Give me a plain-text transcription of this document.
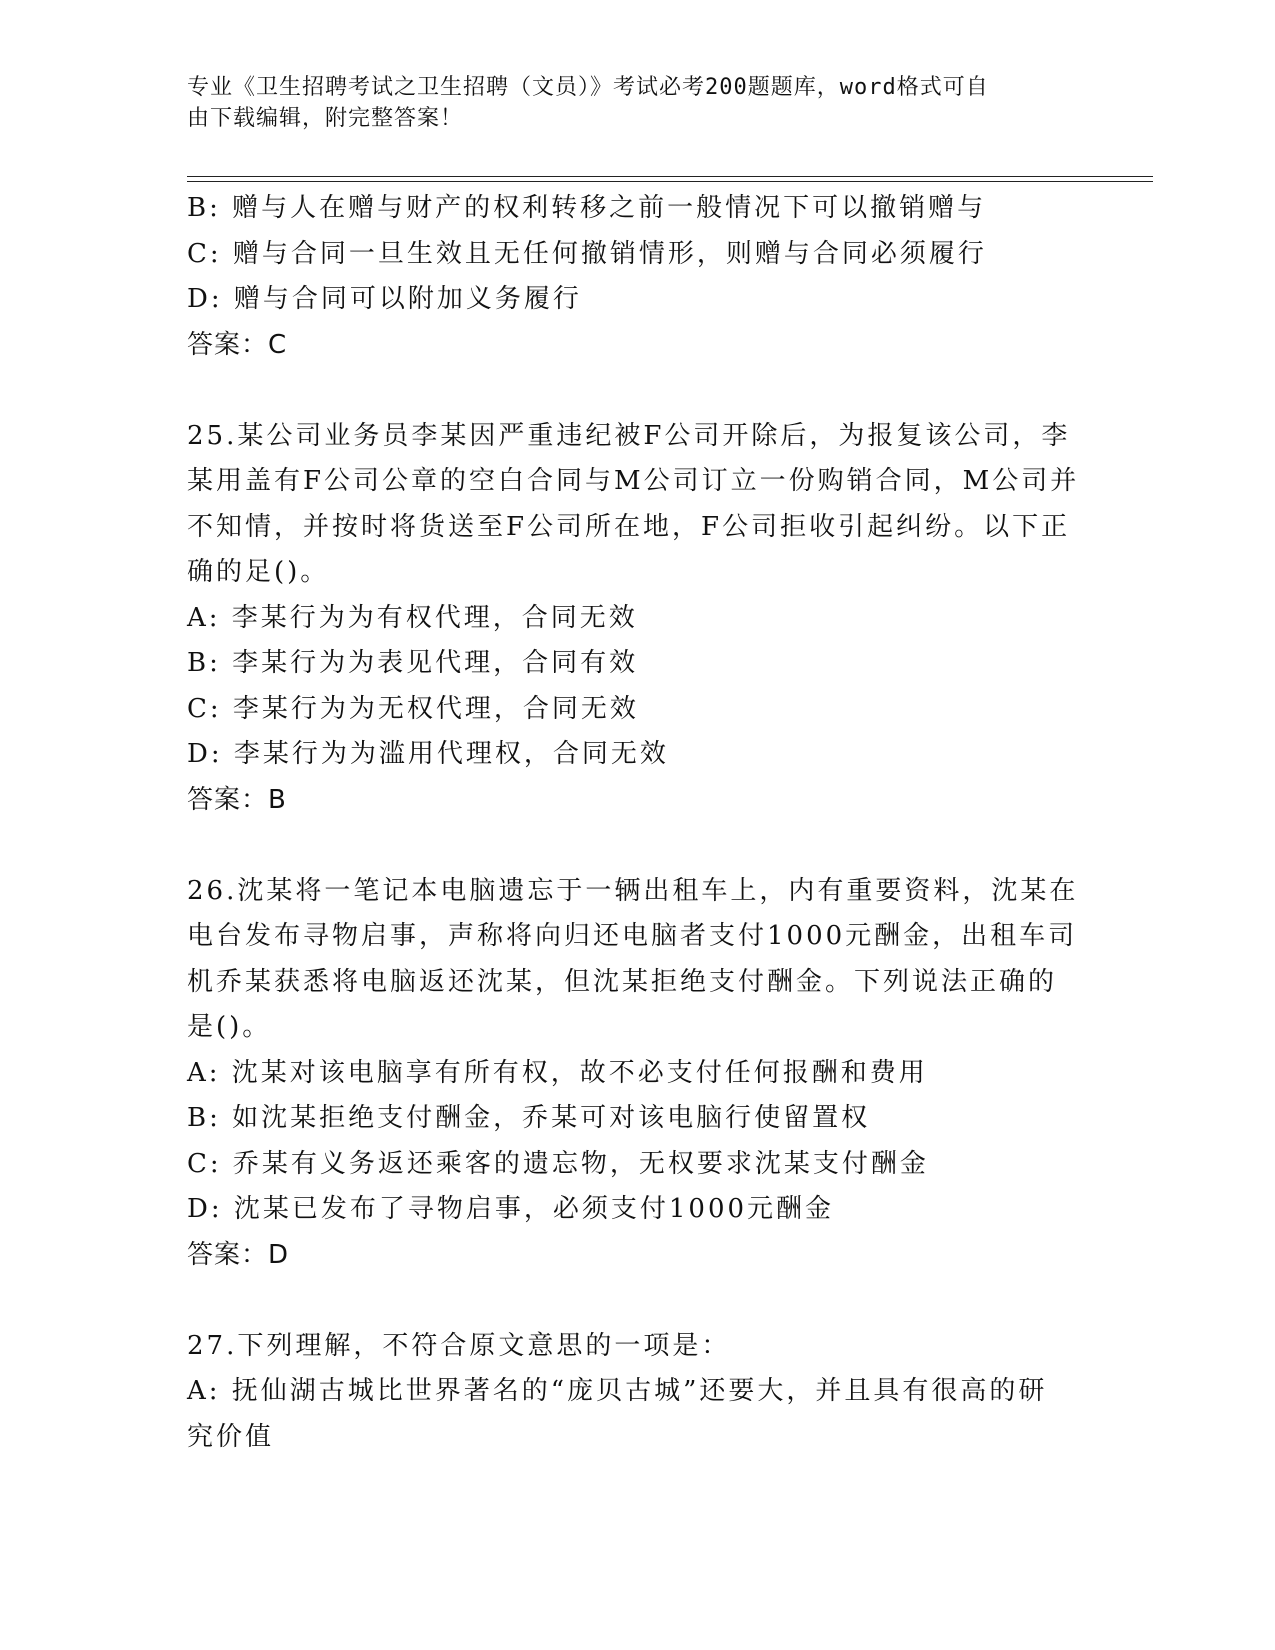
专业《卫生招聘考试之卫生招聘（文员）》考试必考200题题库，word格式可自
由下载编辑，附完整答案！
B: 赠与人在赠与财产的权利转移之前一般情况下可以撤销赠与
C: 赠与合同一旦生效且无任何撤销情形，则赠与合同必须履行
D: 赠与合同可以附加义务履行
答案：C
25.某公司业务员李某因严重违纪被F公司开除后，为报复该公司，李
某用盖有F公司公章的空白合同与M公司订立一份购销合同，M公司并
不知情，并按时将货送至F公司所在地，F公司拒收引起纠纷。以下正
确的足()。
A: 李某行为为有权代理，合同无效
B: 李某行为为表见代理，合同有效
C: 李某行为为无权代理，合同无效
D: 李某行为为滥用代理权，合同无效
答案：B
26.沈某将一笔记本电脑遗忘于一辆出租车上，内有重要资料，沈某在
电台发布寻物启事，声称将向归还电脑者支付1000元酬金，出租车司
机乔某获悉将电脑返还沈某，但沈某拒绝支付酬金。下列说法正确的
是()。
A: 沈某对该电脑享有所有权，故不必支付任何报酬和费用
B: 如沈某拒绝支付酬金，乔某可对该电脑行使留置权
C: 乔某有义务返还乘客的遗忘物，无权要求沈某支付酬金
D: 沈某已发布了寻物启事，必须支付1000元酬金
答案：D
27.下列理解，不符合原文意思的一项是：
A: 抚仙湖古城比世界著名的“庞贝古城”还要大，并且具有很高的研
究价值
